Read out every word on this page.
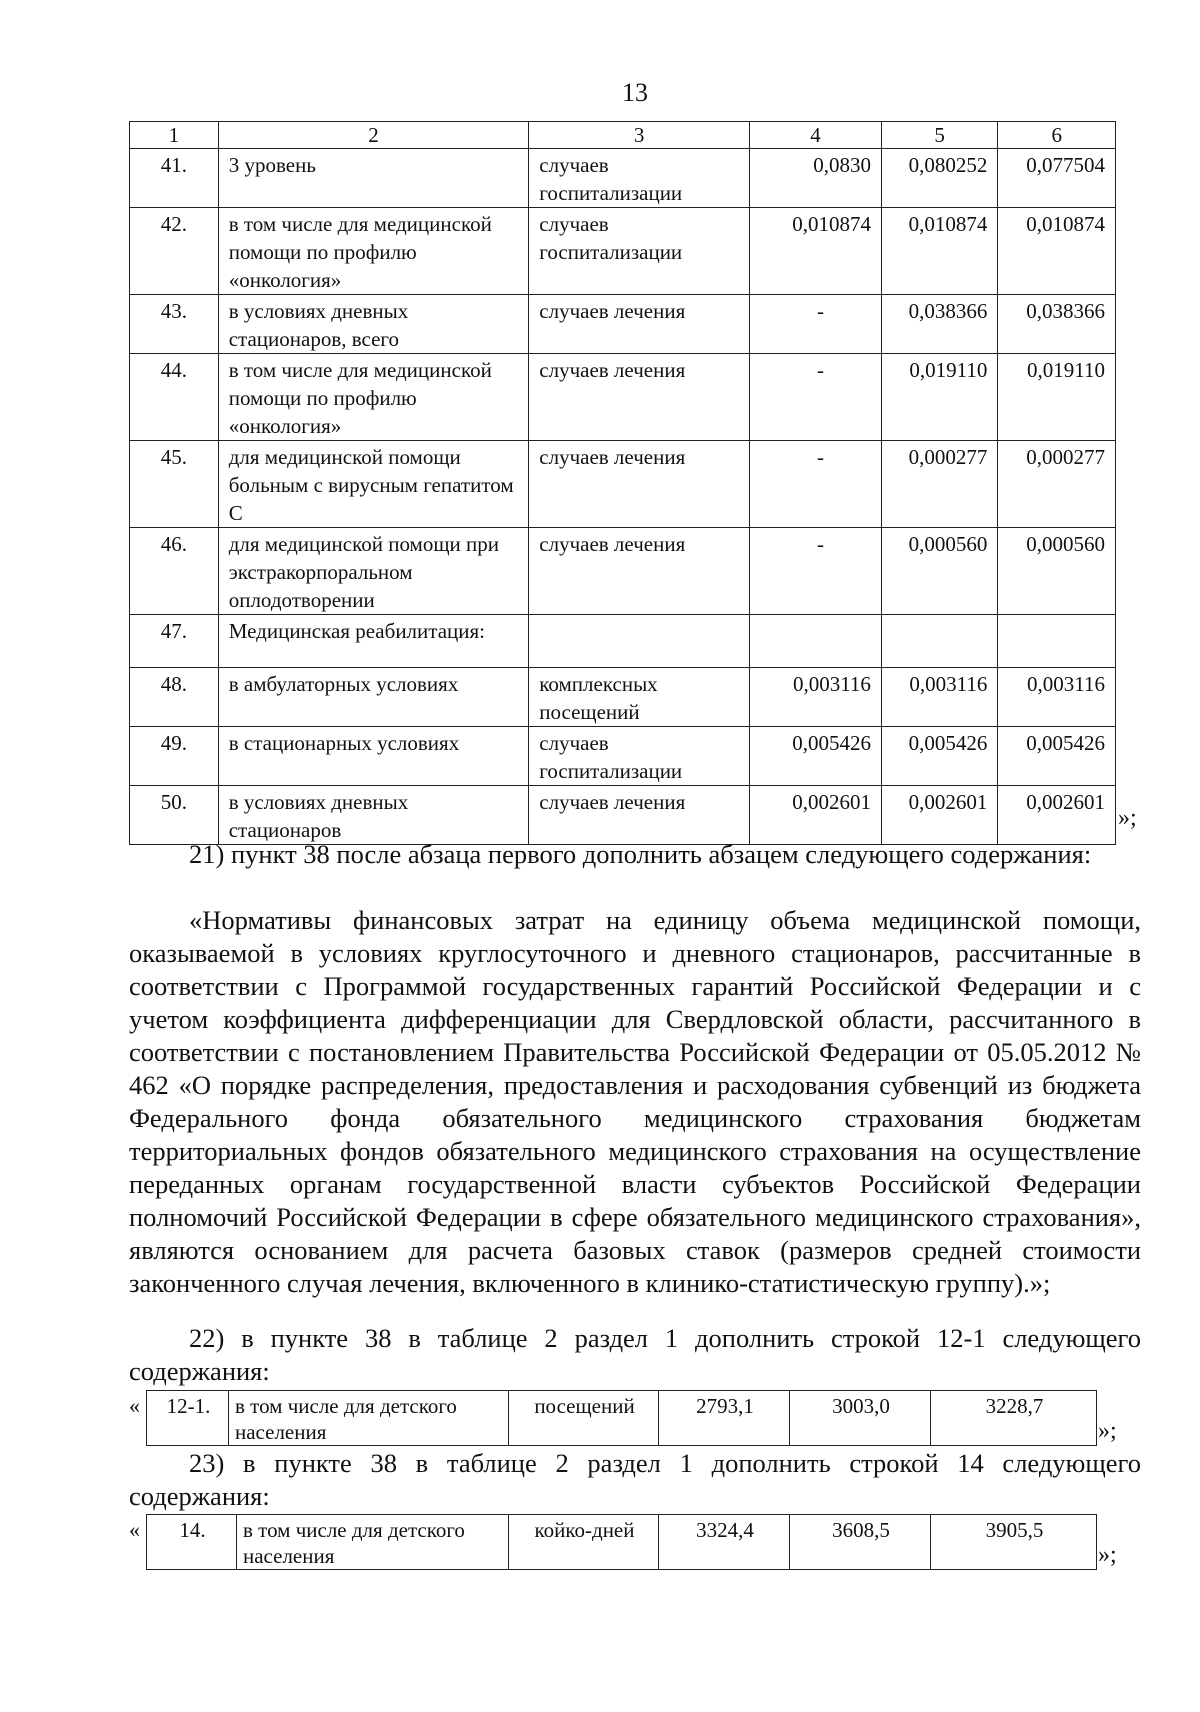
13
1	2	3	4	5	6
41.	3 уровень	случаев госпитализации	0,0830	0,080252	0,077504
42.	в том числе для медицинской помощи по профилю «онкология»	случаев госпитализации	0,010874	0,010874	0,010874
43.	в условиях дневных стационаров, всего	случаев лечения	-	0,038366	0,038366
44.	в том числе для медицинской помощи по профилю «онкология»	случаев лечения	-	0,019110	0,019110
45.	для медицинской помощи больным с вирусным гепатитом С	случаев лечения	-	0,000277	0,000277
46.	для медицинской помощи при экстракорпоральном оплодотворении	случаев лечения	-	0,000560	0,000560
47.	Медицинская реабилитация:				
48.	в амбулаторных условиях	комплексных посещений	0,003116	0,003116	0,003116
49.	в стационарных условиях	случаев госпитализации	0,005426	0,005426	0,005426
50.	в условиях дневных стационаров	случаев лечения	0,002601	0,002601	0,002601
»;

21) пункт 38 после абзаца первого дополнить абзацем следующего содержания:

«Нормативы финансовых затрат на единицу объема медицинской помощи, оказываемой в условиях круглосуточного и дневного стационаров, рассчитанные в соответствии с Программой государственных гарантий Российской Федерации и с учетом коэффициента дифференциации для Свердловской области, рассчитанного в соответствии с постановлением Правительства Российской Федерации от 05.05.2012 № 462 «О порядке распределения, предоставления и расходования субвенций из бюджета Федерального фонда обязательного медицинского страхования бюджетам территориальных фондов обязательного медицинского страхования на осуществление переданных органам государственной власти субъектов Российской Федерации полномочий Российской Федерации в сфере обязательного медицинского страхования», являются основанием для расчета базовых ставок (размеров средней стоимости законченного случая лечения, включенного в клинико-статистическую группу).»;

22) в пункте 38 в таблице 2 раздел 1 дополнить строкой 12-1 следующего содержания:

« 12-1.	в том числе для детского населения	посещений	2793,1	3003,0	3228,7
»;

23) в пункте 38 в таблице 2 раздел 1 дополнить строкой 14 следующего содержания:

« 14.	в том числе для детского населения	койко-дней	3324,4	3608,5	3905,5
»;
